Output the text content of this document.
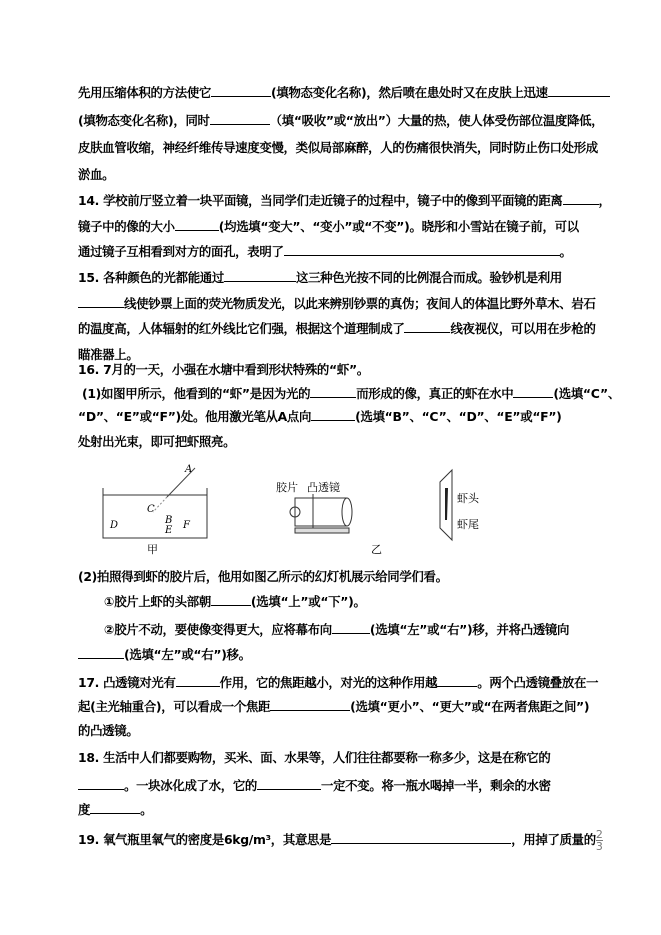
先用压缩体积的方法使它	(填物态变化名称)，然后喷在患处时又在皮肤上迅速
(填物态变化名称)，同时	（填“吸收”或“放出”）大量的热，使人体受伤部位温度降低，
皮肤血管收缩，神经纤维传导速度变慢，类似局部麻醉，人的伤痛很快消失，同时防止伤口处形成
淤血。
14. 学校前厅竖立着一块平面镜，当同学们走近镜子的过程中，镜子中的像到平面镜的距离	，
镜子中的像的大小	(均选填“变大”、“变小”或“不变”)。晓彤和小雪站在镜子前，可以
通过镜子互相看到对方的面孔，表明了	。
15. 各种颜色的光都能通过	这三种色光按不同的比例混合而成。验钞机是利用
线使钞票上面的荧光物质发光，以此来辨别钞票的真伪；夜间人的体温比野外草木、岩石
的温度高，人体辐射的红外线比它们强，根据这个道理制成了	线夜视仪，可以用在步枪的
瞄准器上。
16. 7月的一天，小强在水塘中看到形状特殊的“虾”。
(1)如图甲所示，他看到的“虾”是因为光的	而形成的像，真正的虾在水中	(选填“C”、
“D”、“E”或“F”)处。他用激光笔从A点向	(选填“B”、“C”、“D”、“E”或“F”)
处射出光束，即可把虾照亮。
A
B
C
D	E F
甲
胶片 凸透镜
乙
虾头
虾尾
(2)拍照得到虾的胶片后，他用如图乙所示的幻灯机展示给同学们看。
①胶片上虾的头部朝	(选填“上”或“下”)。
②胶片不动，要使像变得更大，应将幕布向	(选填“左”或“右”)移，并将凸透镜向
(选填“左”或“右”)移。
17. 凸透镜对光有	作用，它的焦距越小，对光的这种作用越	。两个凸透镜叠放在一
起(主光轴重合)，可以看成一个焦距	(选填“更小”、“更大”或“在两者焦距之间”)
的凸透镜。
18. 生活中人们都要购物，买米、面、水果等，人们往往都要称一称多少，这是在称它的
。一块冰化成了水，它的	一定不变。将一瓶水喝掉一半，剩余的水密
度	。
19. 氧气瓶里氧气的密度是6kg/m³，其意思是	，用掉了质量的 $\frac{2}{3}$
